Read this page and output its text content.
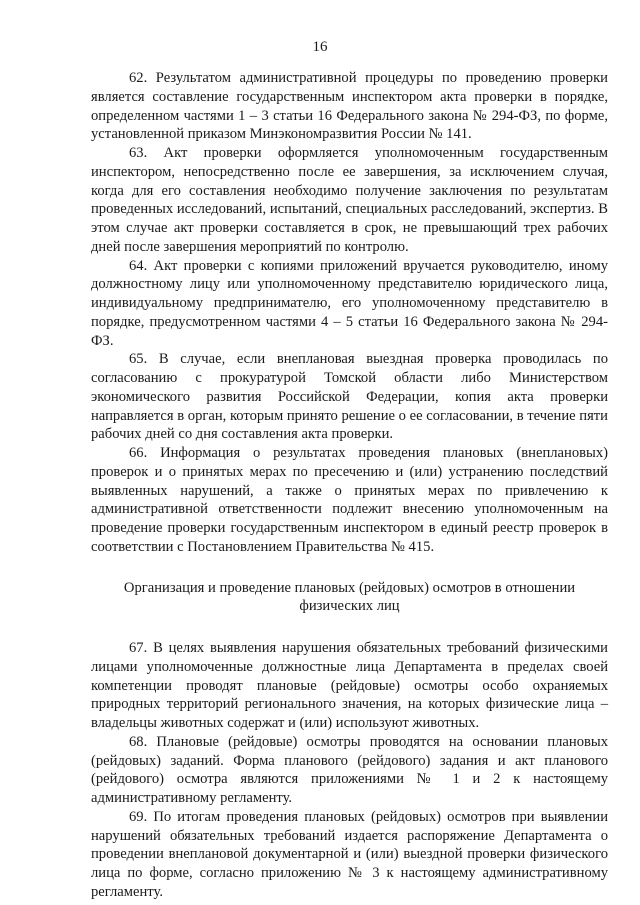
16

62. Результатом административной процедуры по проведению проверки является составление государственным инспектором акта проверки в порядке, определенном частями 1 – 3 статьи 16 Федерального закона № 294-ФЗ, по форме, установленной приказом Минэкономразвития России № 141.

63. Акт проверки оформляется уполномоченным государственным инспектором, непосредственно после ее завершения, за исключением случая, когда для его составления необходимо получение заключения по результатам проведенных исследований, испытаний, специальных расследований, экспертиз. В этом случае акт проверки составляется в срок, не превышающий трех рабочих дней после завершения мероприятий по контролю.

64. Акт проверки с копиями приложений вручается руководителю, иному должностному лицу или уполномоченному представителю юридического лица, индивидуальному предпринимателю, его уполномоченному представителю в порядке, предусмотренном частями 4 – 5 статьи 16 Федерального закона № 294-ФЗ.

65. В случае, если внеплановая выездная проверка проводилась по согласованию с прокуратурой Томской области либо Министерством экономического развития Российской Федерации, копия акта проверки направляется в орган, которым принято решение о ее согласовании, в течение пяти рабочих дней со дня составления акта проверки.

66. Информация о результатах проведения плановых (внеплановых) проверок и о принятых мерах по пресечению и (или) устранению последствий выявленных нарушений, а также о принятых мерах по привлечению к административной ответственности подлежит внесению уполномоченным на проведение проверки государственным инспектором в единый реестр проверок в соответствии с Постановлением Правительства № 415.

Организация и проведение плановых (рейдовых) осмотров в отношении
физических лиц

67. В целях выявления нарушения обязательных требований физическими лицами уполномоченные должностные лица Департамента в пределах своей компетенции проводят плановые (рейдовые) осмотры особо охраняемых природных территорий регионального значения, на которых физические лица – владельцы животных содержат и (или) используют животных.

68. Плановые (рейдовые) осмотры проводятся на основании плановых (рейдовых) заданий. Форма планового (рейдового) задания и акт планового (рейдового) осмотра являются приложениями № 1 и 2 к настоящему административному регламенту.

69. По итогам проведения плановых (рейдовых) осмотров при выявлении нарушений обязательных требований издается распоряжение Департамента о проведении внеплановой документарной и (или) выездной проверки физического лица по форме, согласно приложению № 3 к настоящему административному регламенту.
